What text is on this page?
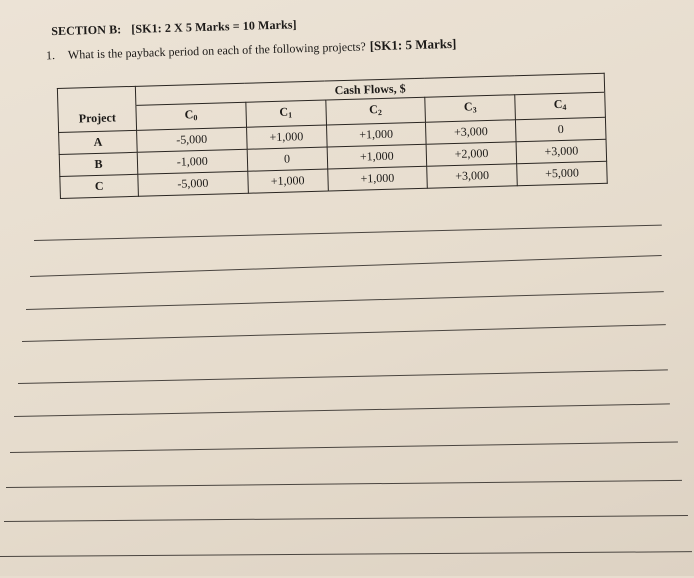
SECTION B: [SK1: 2 X 5 Marks = 10 Marks]
1. What is the payback period on each of the following projects? [SK1: 5 Marks]
	Cash Flows, $				
Project	$C_0$	$C_1$	$C_2$	$C_3$	$C_4$
A	-5,000	+1,000	+1,000	+3,000	0
B	-1,000	0	+1,000	+2,000	+3,000
C	-5,000	+1,000	+1,000	+3,000	+5,000
